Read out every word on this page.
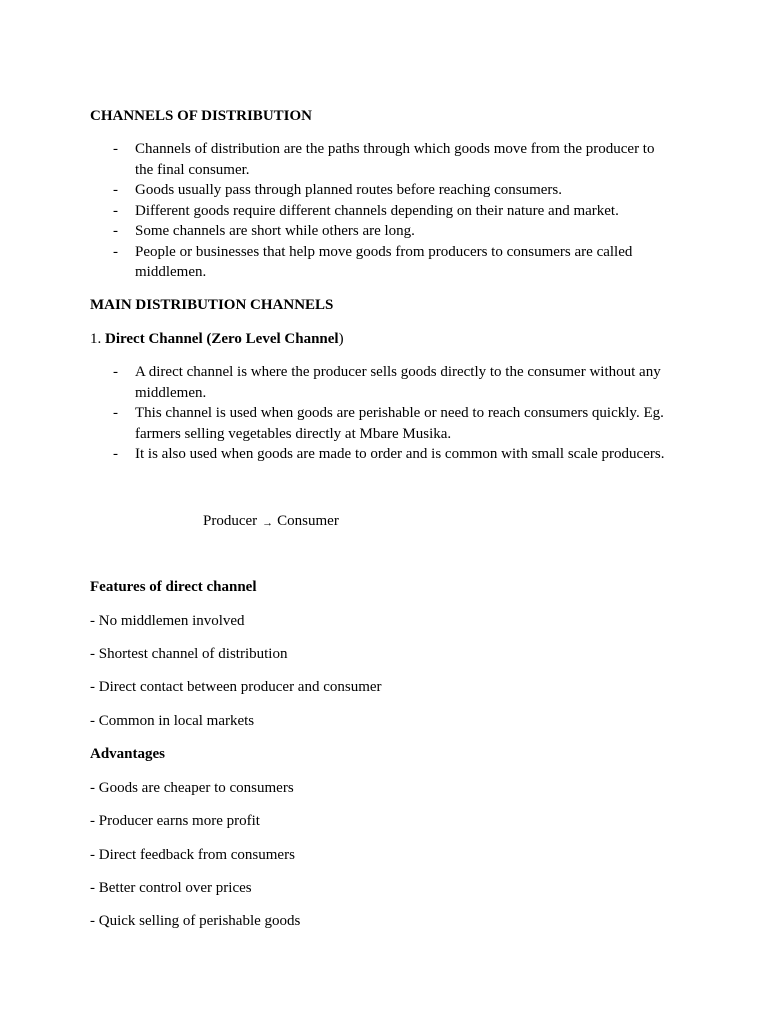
CHANNELS OF DISTRIBUTION
- Channels of distribution are the paths through which goods move from the producer to the final consumer.
- Goods usually pass through planned routes before reaching consumers.
- Different goods require different channels depending on their nature and market.
- Some channels are short while others are long.
- People or businesses that help move goods from producers to consumers are called middlemen.
MAIN DISTRIBUTION CHANNELS
1. Direct Channel (Zero Level Channel)
- A direct channel is where the producer sells goods directly to the consumer without any middlemen.
- This channel is used when goods are perishable or need to reach consumers quickly. Eg. farmers selling vegetables directly at Mbare Musika.
- It is also used when goods are made to order and is common with small scale producers.
Producer → Consumer
Features of direct channel
- No middlemen involved
- Shortest channel of distribution
- Direct contact between producer and consumer
- Common in local markets
Advantages
- Goods are cheaper to consumers
- Producer earns more profit
- Direct feedback from consumers
- Better control over prices
- Quick selling of perishable goods
